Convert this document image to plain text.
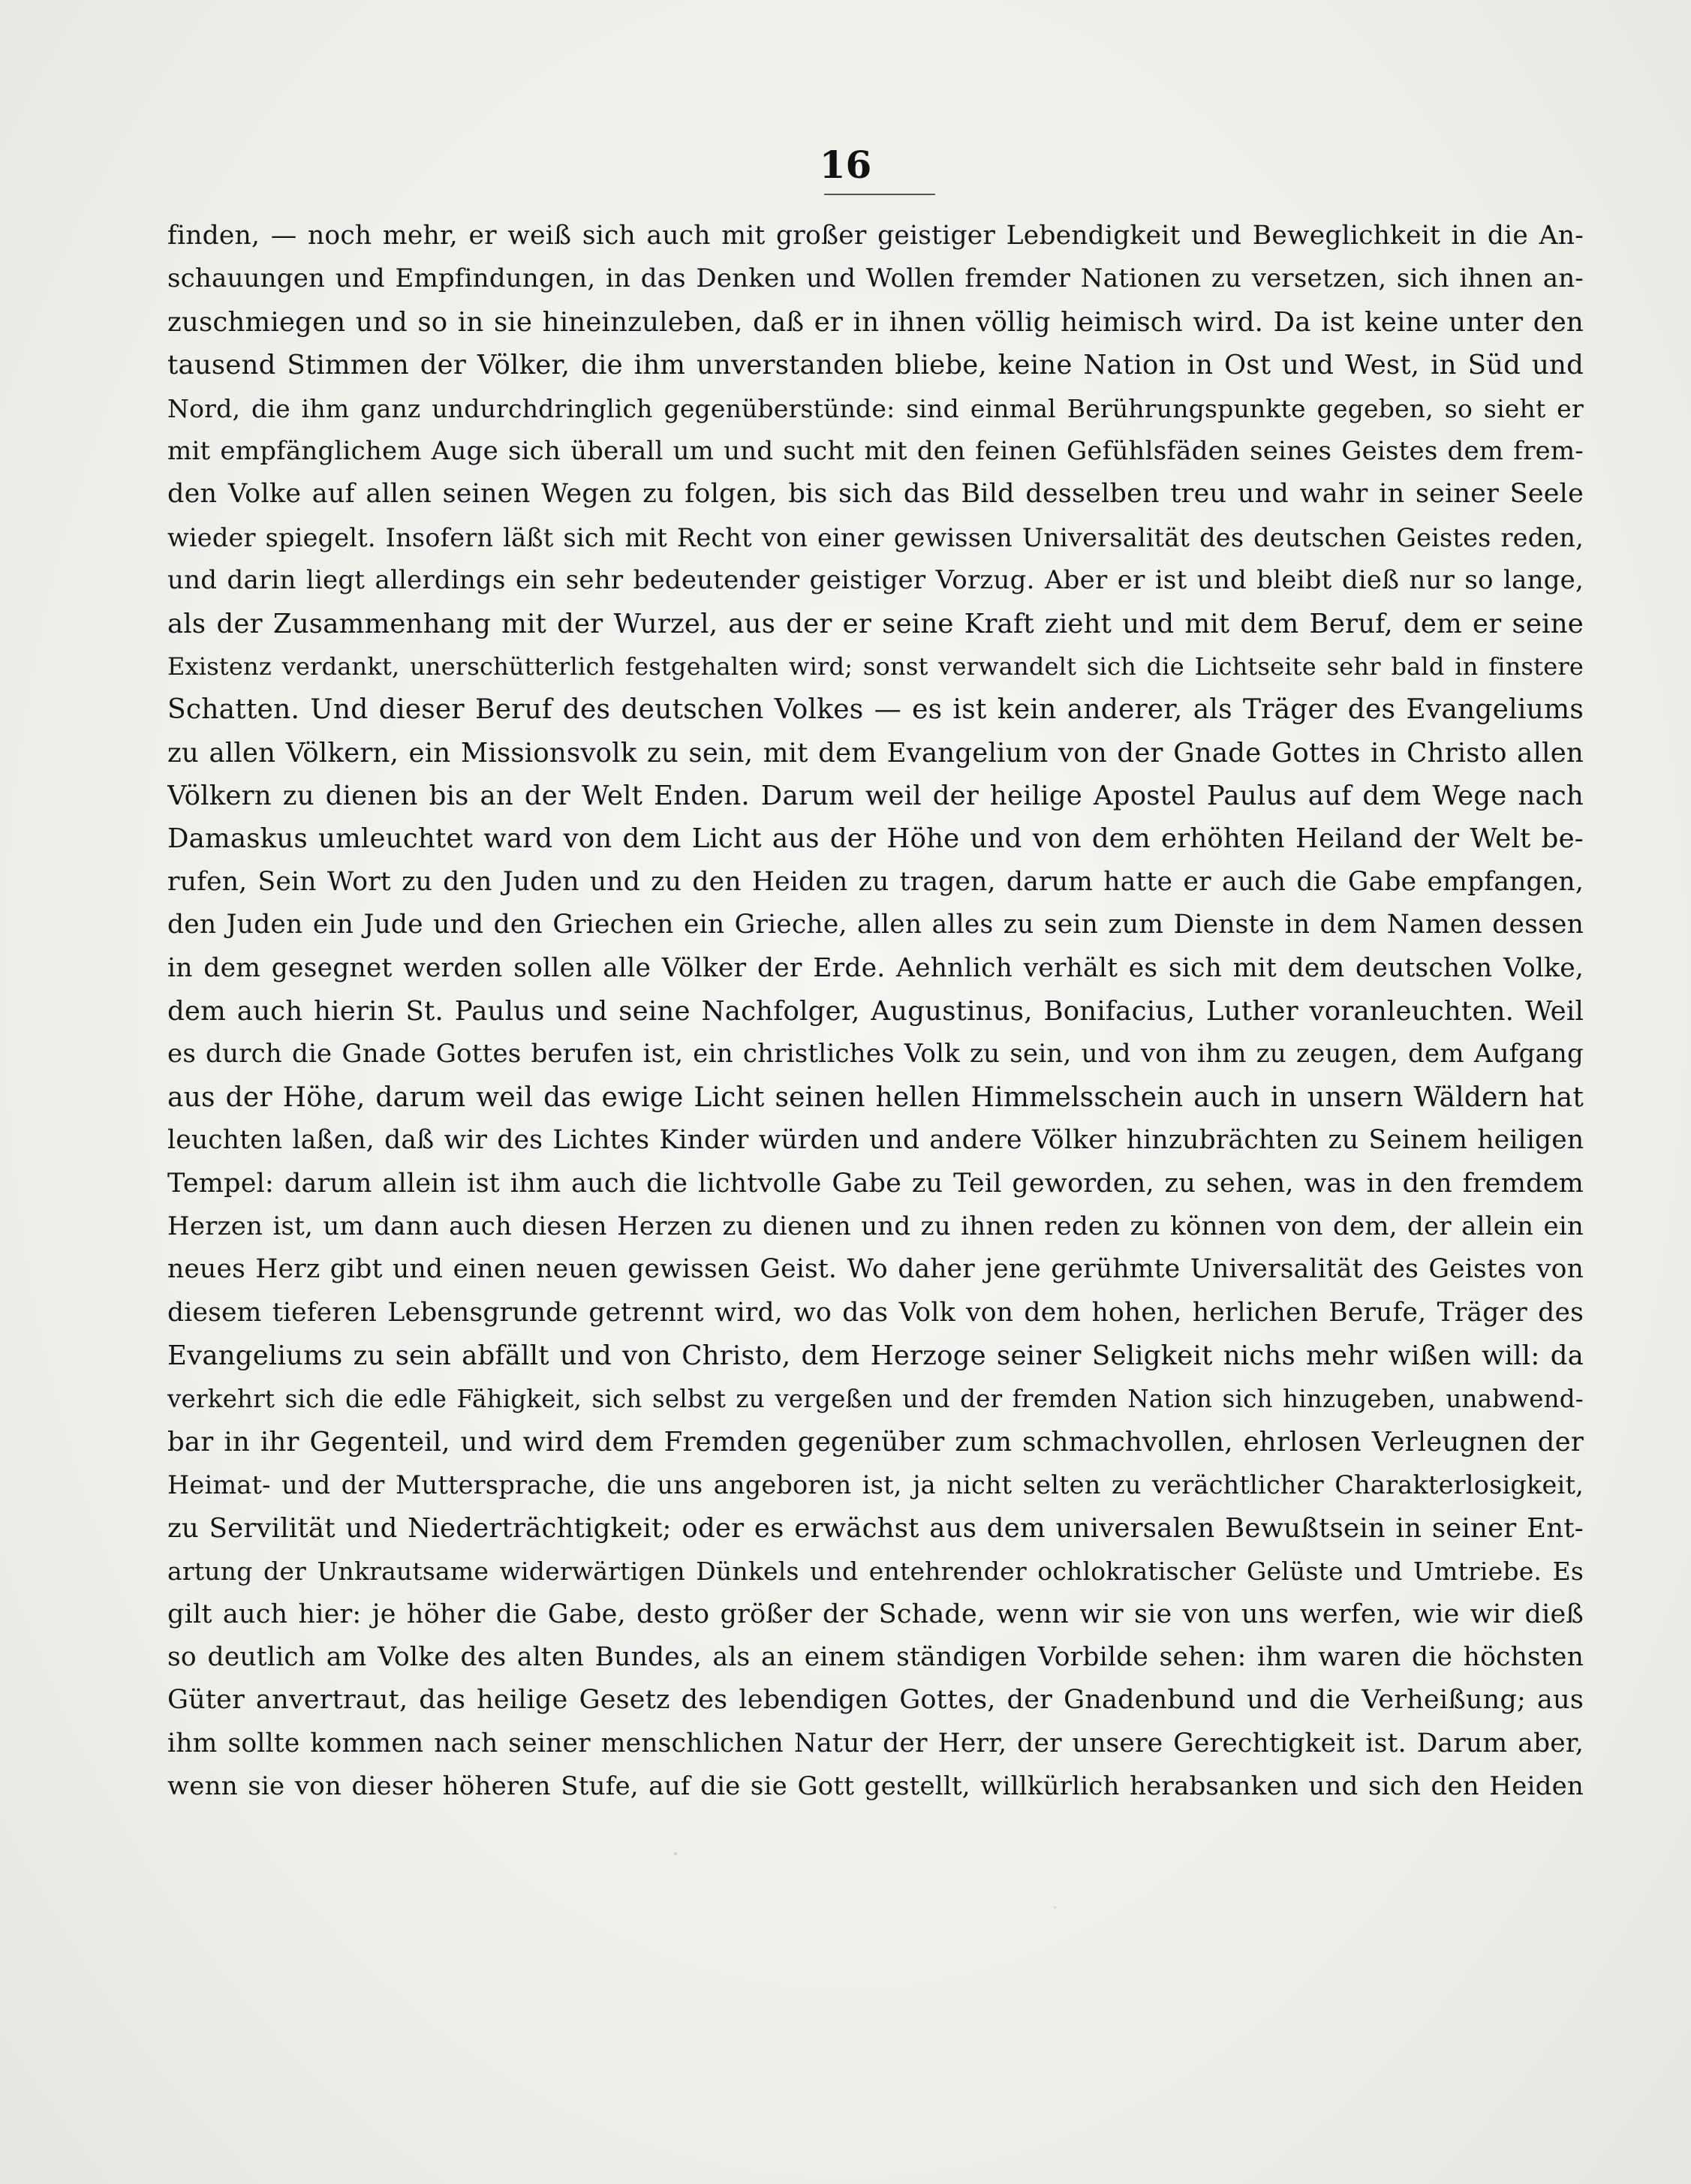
16
finden, — noch mehr, er weiß sich auch mit großer geistiger Lebendigkeit und Beweglichkeit in die An-
schauungen und Empfindungen, in das Denken und Wollen fremder Nationen zu versetzen, sich ihnen an-
zuschmiegen und so in sie hineinzuleben, daß er in ihnen völlig heimisch wird. Da ist keine unter den
tausend Stimmen der Völker, die ihm unverstanden bliebe, keine Nation in Ost und West, in Süd und
Nord, die ihm ganz undurchdringlich gegenüberstünde: sind einmal Berührungspunkte gegeben, so sieht er
mit empfänglichem Auge sich überall um und sucht mit den feinen Gefühlsfäden seines Geistes dem frem-
den Volke auf allen seinen Wegen zu folgen, bis sich das Bild desselben treu und wahr in seiner Seele
wieder spiegelt. Insofern läßt sich mit Recht von einer gewissen Universalität des deutschen Geistes reden,
und darin liegt allerdings ein sehr bedeutender geistiger Vorzug. Aber er ist und bleibt dieß nur so lange,
als der Zusammenhang mit der Wurzel, aus der er seine Kraft zieht und mit dem Beruf, dem er seine
Existenz verdankt, unerschütterlich festgehalten wird; sonst verwandelt sich die Lichtseite sehr bald in finstere
Schatten. Und dieser Beruf des deutschen Volkes — es ist kein anderer, als Träger des Evangeliums
zu allen Völkern, ein Missionsvolk zu sein, mit dem Evangelium von der Gnade Gottes in Christo allen
Völkern zu dienen bis an der Welt Enden. Darum weil der heilige Apostel Paulus auf dem Wege nach
Damaskus umleuchtet ward von dem Licht aus der Höhe und von dem erhöhten Heiland der Welt be-
rufen, Sein Wort zu den Juden und zu den Heiden zu tragen, darum hatte er auch die Gabe empfangen,
den Juden ein Jude und den Griechen ein Grieche, allen alles zu sein zum Dienste in dem Namen dessen
in dem gesegnet werden sollen alle Völker der Erde. Aehnlich verhält es sich mit dem deutschen Volke,
dem auch hierin St. Paulus und seine Nachfolger, Augustinus, Bonifacius, Luther voranleuchten. Weil
es durch die Gnade Gottes berufen ist, ein christliches Volk zu sein, und von ihm zu zeugen, dem Aufgang
aus der Höhe, darum weil das ewige Licht seinen hellen Himmelsschein auch in unsern Wäldern hat
leuchten laßen, daß wir des Lichtes Kinder würden und andere Völker hinzubrächten zu Seinem heiligen
Tempel: darum allein ist ihm auch die lichtvolle Gabe zu Teil geworden, zu sehen, was in den fremdem
Herzen ist, um dann auch diesen Herzen zu dienen und zu ihnen reden zu können von dem, der allein ein
neues Herz gibt und einen neuen gewissen Geist. Wo daher jene gerühmte Universalität des Geistes von
diesem tieferen Lebensgrunde getrennt wird, wo das Volk von dem hohen, herlichen Berufe, Träger des
Evangeliums zu sein abfällt und von Christo, dem Herzoge seiner Seligkeit nichs mehr wißen will: da
verkehrt sich die edle Fähigkeit, sich selbst zu vergeßen und der fremden Nation sich hinzugeben, unabwend-
bar in ihr Gegenteil, und wird dem Fremden gegenüber zum schmachvollen, ehrlosen Verleugnen der
Heimat- und der Muttersprache, die uns angeboren ist, ja nicht selten zu verächtlicher Charakterlosigkeit,
zu Servilität und Niederträchtigkeit; oder es erwächst aus dem universalen Bewußtsein in seiner Ent-
artung der Unkrautsame widerwärtigen Dünkels und entehrender ochlokratischer Gelüste und Umtriebe. Es
gilt auch hier: je höher die Gabe, desto größer der Schade, wenn wir sie von uns werfen, wie wir dieß
so deutlich am Volke des alten Bundes, als an einem ständigen Vorbilde sehen: ihm waren die höchsten
Güter anvertraut, das heilige Gesetz des lebendigen Gottes, der Gnadenbund und die Verheißung; aus
ihm sollte kommen nach seiner menschlichen Natur der Herr, der unsere Gerechtigkeit ist. Darum aber,
wenn sie von dieser höheren Stufe, auf die sie Gott gestellt, willkürlich herabsanken und sich den Heiden
